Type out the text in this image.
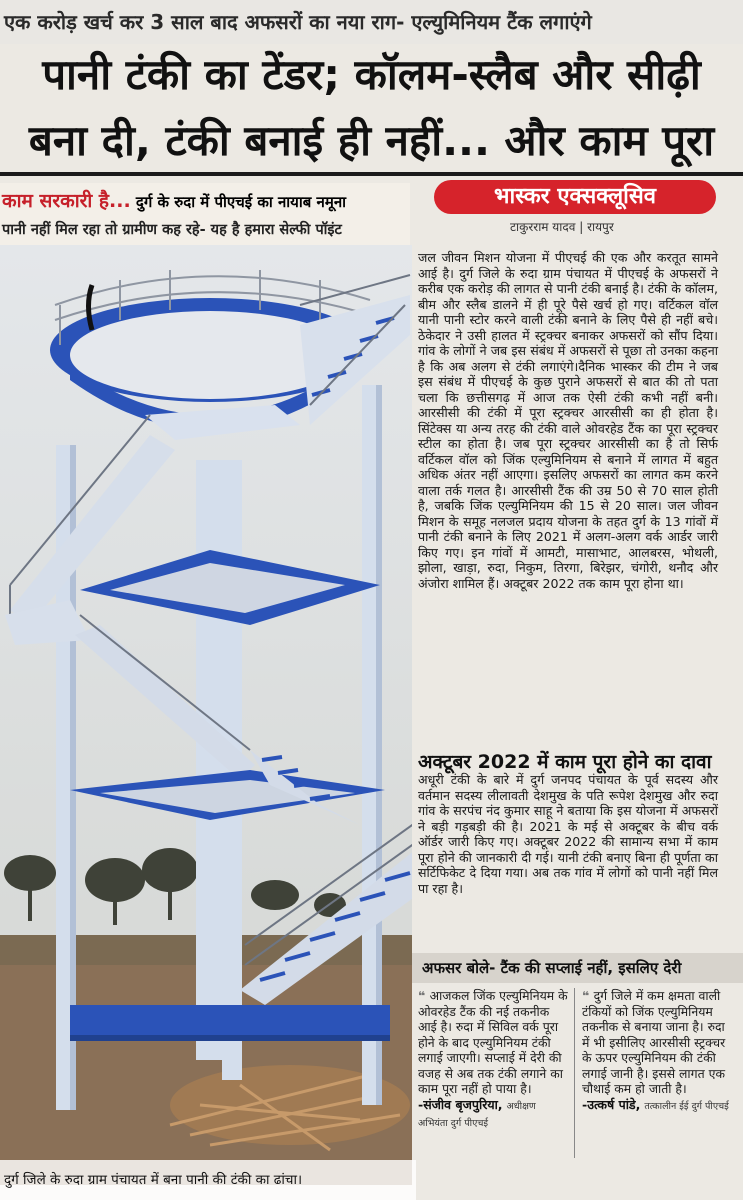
एक करोड़ खर्च कर 3 साल बाद अफसरों का नया राग- एल्युमिनियम टैंक लगाएंगे
पानी टंकी का टेंडर; कॉलम-स्लैब और सीढ़ी
बना दी, टंकी बनाई ही नहीं... और काम पूरा
काम सरकारी है... दुर्ग के रुदा में पीएचई का नायाब नमूना
पानी नहीं मिल रहा तो ग्रामीण कह रहे- यह है हमारा सेल्फी पॉइंट
भास्कर एक्सक्लूसिव
टाकुरराम यादव | रायपुर
दुर्ग जिले के रुदा ग्राम पंचायत में बना पानी की टंकी का ढांचा।
जल जीवन मिशन योजना में पीएचई की एक और करतूत सामने आई है। दुर्ग जिले के रुदा ग्राम पंचायत में पीएचई के अफसरों ने करीब एक करोड़ की लागत से पानी टंकी बनाई है। टंकी के कॉलम, बीम और स्लैब डालने में ही पूरे पैसे खर्च हो गए। वर्टिकल वॉल यानी पानी स्टोर करने वाली टंकी बनाने के लिए पैसे ही नहीं बचे। ठेकेदार ने उसी हालत में स्ट्रक्चर बनाकर अफसरों को सौंप दिया। गांव के लोगों ने जब इस संबंध में अफसरों से पूछा तो उनका कहना है कि अब अलग से टंकी लगाएंगे।दैनिक भास्कर की टीम ने जब इस संबंध में पीएचई के कुछ पुराने अफसरों से बात की तो पता चला कि छत्तीसगढ़ में आज तक ऐसी टंकी कभी नहीं बनी। आरसीसी की टंकी में पूरा स्ट्रक्चर आरसीसी का ही होता है। सिंटेक्स या अन्य तरह की टंकी वाले ओवरहेड टैंक का पूरा स्ट्रक्चर स्टील का होता है। जब पूरा स्ट्रक्चर आरसीसी का है तो सिर्फ वर्टिकल वॉल को जिंक एल्युमिनियम से बनाने में लागत में बहुत अधिक अंतर नहीं आएगा। इसलिए अफसरों का लागत कम करने वाला तर्क गलत है। आरसीसी टैंक की उम्र 50 से 70 साल होती है, जबकि जिंक एल्युमिनियम की 15 से 20 साल। जल जीवन मिशन के समूह नलजल प्रदाय योजना के तहत दुर्ग के 13 गांवों में पानी टंकी बनाने के लिए 2021 में अलग-अलग वर्क आर्डर जारी किए गए। इन गांवों में आमटी, मासाभाट, आलबरस, भोथली, झोला, खाड़ा, रुदा, निकुम, तिरगा, बिरेझर, चंगोरी, थनौद और अंजोरा शामिल हैं। अक्टूबर 2022 तक काम पूरा होना था।
अक्टूबर 2022 में काम पूरा होने का दावा
अधूरी टंकी के बारे में दुर्ग जनपद पंचायत के पूर्व सदस्य और वर्तमान सदस्य लीलावती देशमुख के पति रूपेश देशमुख और रुदा गांव के सरपंच नंद कुमार साहू ने बताया कि इस योजना में अफसरों ने बड़ी गड़बड़ी की है। 2021 के मई से अक्टूबर के बीच वर्क ऑर्डर जारी किए गए। अक्टूबर 2022 की सामान्य सभा में काम पूरा होने की जानकारी दी गई। यानी टंकी बनाए बिना ही पूर्णता का सर्टिफिकेट दे दिया गया। अब तक गांव में लोगों को पानी नहीं मिल पा रहा है।
अफसर बोले- टैंक की सप्लाई नहीं, इसलिए देरी
❝ आजकल जिंक एल्युमिनियम के ओवरहेड टैंक की नई तकनीक आई है। रुदा में सिविल वर्क पूरा होने के बाद एल्युमिनियम टंकी लगाई जाएगी। सप्लाई में देरी की वजह से अब तक टंकी लगाने का काम पूरा नहीं हो पाया है।
-संजीव बृजपुरिया, अधीक्षण अभियंता दुर्ग पीएचई
❝ दुर्ग जिले में कम क्षमता वाली टंकियों को जिंक एल्युमिनियम तकनीक से बनाया जाना है। रुदा में भी इसीलिए आरसीसी स्ट्रक्चर के ऊपर एल्युमिनियम की टंकी लगाई जानी है। इससे लागत एक चौथाई कम हो जाती है।
-उत्कर्ष पांडे, तत्कालीन ईई दुर्ग पीएचई
